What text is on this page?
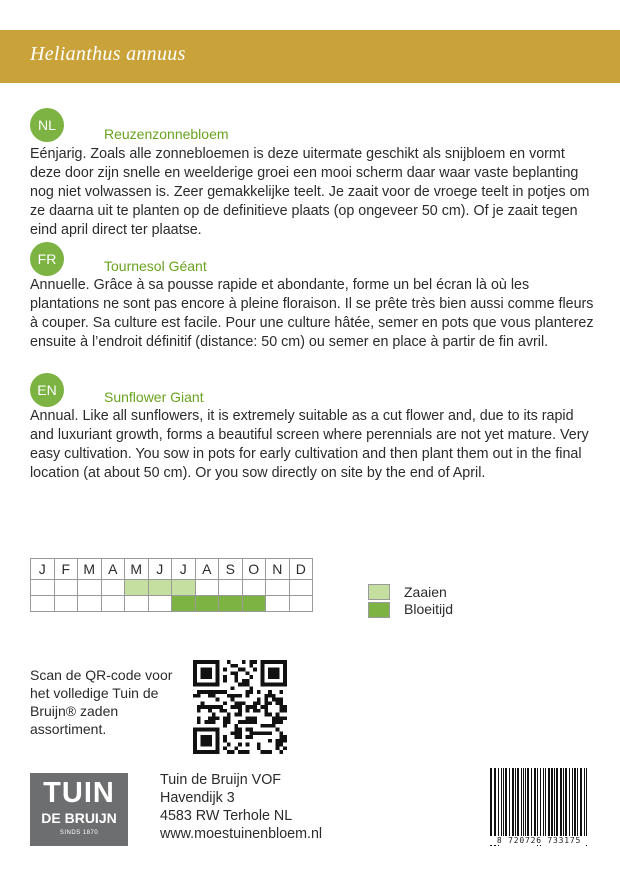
Helianthus annuus
NL
Reuzenzonnebloem
Eénjarig. Zoals alle zonnebloemen is deze uitermate geschikt als snijbloem en vormt deze door zijn snelle en weelderige groei een mooi scherm daar waar vaste beplanting nog niet volwassen is. Zeer gemakkelijke teelt. Je zaait voor de vroege teelt in potjes om ze daarna uit te planten op de definitieve plaats (op ongeveer 50 cm). Of je zaait tegen eind april direct ter plaatse.
FR	Tournesol Géant
Annuelle. Grâce à sa pousse rapide et abondante, forme un bel écran là où les plantations ne sont pas encore à pleine floraison. Il se prête très bien aussi comme fleurs à couper. Sa culture est facile. Pour une culture hâtée, semer en pots que vous planterez ensuite à l’endroit définitif (distance: 50 cm) ou semer en place à partir de fin avril.
EN	Sunflower Giant
Annual. Like all sunflowers, it is extremely suitable as a cut flower and, due to its rapid and luxuriant growth, forms a beautiful screen where perennials are not yet mature. Very easy cultivation. You sow in pots for early cultivation and then plant them out in the final location (at about 50 cm). Or you sow directly on site by the end of April.
J	F	M	A	M	J	J	A	S	O	N	D

Zaaien
Bloeitijd
Scan de QR-code voor het volledige Tuin de Bruijn® zaden assortiment.
TUIN
DE BRUIJN
SINDS 1870
Tuin de Bruijn VOF
Havendijk 3
4583 RW Terhole NL
www.moestuinenbloem.nl	8 720726 733175
